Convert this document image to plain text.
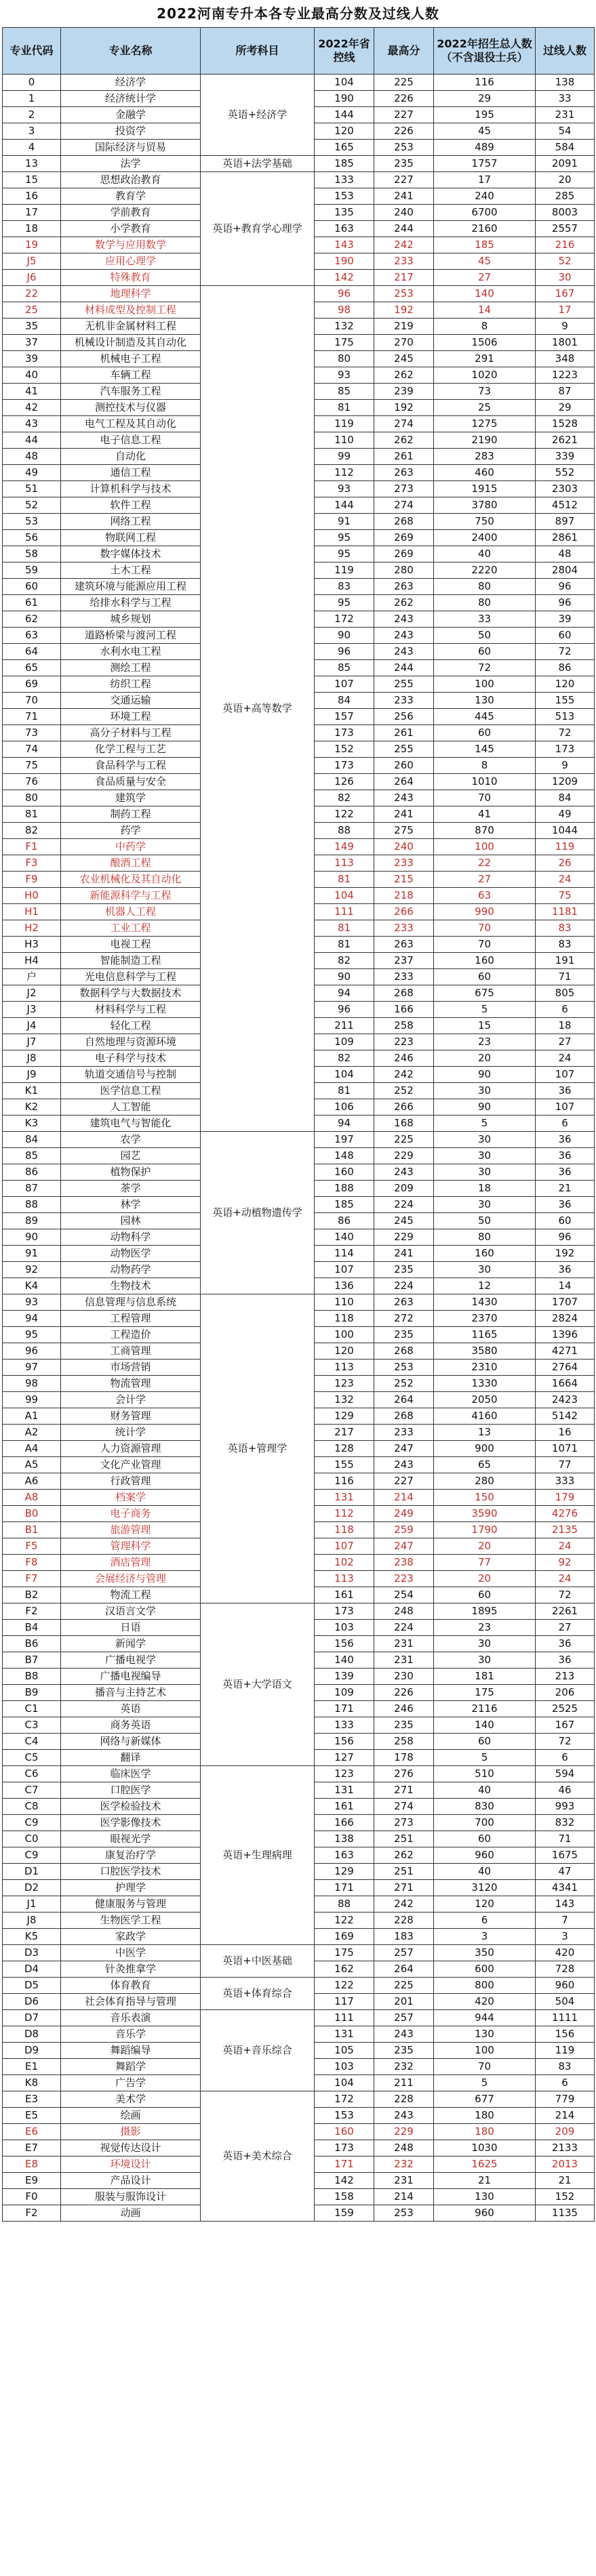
2022河南专升本各专业最高分数及过线人数
专业代码	专业名称	所考科目	2022年省控线	最高分	2022年招生总人数（不含退役士兵）	过线人数
0	经济学	英语+经济学	104	225	116	138
1	经济统计学		190	226	29	33
2	金融学		144	227	195	231
3	投资学		120	226	45	54
4	国际经济与贸易		165	253	489	584
13	法学	英语+法学基础	185	235	1757	2091
15	思想政治教育	英语+教育学心理学	133	227	17	20
16	教育学		153	241	240	285
17	学前教育		135	240	6700	8003
18	小学教育		163	244	2160	2557
19	数学与应用数学		143	242	185	216
J5	应用心理学		190	233	45	52
J6	特殊教育		142	217	27	30
22	地理科学	英语+高等数学	96	253	140	167
25	材料成型及控制工程		98	192	14	17
35	无机非金属材料工程		132	219	8	9
37	机械设计制造及其自动化		175	270	1506	1801
39	机械电子工程		80	245	291	348
40	车辆工程		93	262	1020	1223
41	汽车服务工程		85	239	73	87
42	测控技术与仪器		81	192	25	29
43	电气工程及其自动化		119	274	1275	1528
44	电子信息工程		110	262	2190	2621
48	自动化		99	261	283	339
49	通信工程		112	263	460	552
51	计算机科学与技术		93	273	1915	2303
52	软件工程		144	274	3780	4512
53	网络工程		91	268	750	897
56	物联网工程		95	269	2400	2861
58	数字媒体技术		95	269	40	48
59	土木工程		119	280	2220	2804
60	建筑环境与能源应用工程		83	263	80	96
61	给排水科学与工程		95	262	80	96
62	城乡规划		172	243	33	39
63	道路桥梁与渡河工程		90	243	50	60
64	水利水电工程		96	243	60	72
65	测绘工程		85	244	72	86
69	纺织工程		107	255	100	120
70	交通运输		84	233	130	155
71	环境工程		157	256	445	513
73	高分子材料与工程		173	261	60	72
74	化学工程与工艺		152	255	145	173
75	食品科学与工程		173	260	8	9
76	食品质量与安全		126	264	1010	1209
80	建筑学		82	243	70	84
81	制药工程		122	241	41	49
82	药学		88	275	870	1044
F1	中药学		149	240	100	119
F3	酿酒工程		113	233	22	26
F9	农业机械化及其自动化		81	215	27	24
H0	新能源科学与工程		104	218	63	75
H1	机器人工程		111	266	990	1181
H2	工业工程		81	233	70	83
H3	电视工程		81	263	70	83
H4	智能制造工程		82	237	160	191
户	光电信息科学与工程		90	233	60	71
J2	数据科学与大数据技术		94	268	675	805
J3	材料科学与工程		96	166	5	6
J4	轻化工程		211	258	15	18
J7	自然地理与资源环境		109	223	23	27
J8	电子科学与技术		82	246	20	24
J9	轨道交通信号与控制		104	242	90	107
K1	医学信息工程		81	252	30	36
K2	人工智能		106	266	90	107
K3	建筑电气与智能化		94	168	5	6
84	农学	英语+动植物遗传学	197	225	30	36
85	园艺		148	229	30	36
86	植物保护		160	243	30	36
87	茶学		188	209	18	21
88	林学		185	224	30	36
89	园林		86	245	50	60
90	动物科学		140	229	80	96
91	动物医学		114	241	160	192
92	动物药学		107	235	30	36
K4	生物技术		136	224	12	14
93	信息管理与信息系统	英语+管理学	110	263	1430	1707
94	工程管理		118	272	2370	2824
95	工程造价		100	235	1165	1396
96	工商管理		120	268	3580	4271
97	市场营销		113	253	2310	2764
98	物流管理		123	252	1330	1664
99	会计学		132	264	2050	2423
A1	财务管理		129	268	4160	5142
A2	统计学		217	233	13	16
A4	人力资源管理		128	247	900	1071
A5	文化产业管理		155	243	65	77
A6	行政管理		116	227	280	333
A8	档案学		131	214	150	179
B0	电子商务		112	249	3590	4276
B1	旅游管理		118	259	1790	2135
F5	管理科学		107	247	20	24
F8	酒店管理		102	238	77	92
F7	会展经济与管理		113	223	20	24
B2	物流工程		161	254	60	72
F2	汉语言文学	英语+大学语文	173	248	1895	2261
B4	日语		103	224	23	27
B6	新闻学		156	231	30	36
B7	广播电视学		140	231	30	36
B8	广播电视编导		139	230	181	213
B9	播音与主持艺术		109	226	175	206
C1	英语		171	246	2116	2525
C3	商务英语		133	235	140	167
C4	网络与新媒体		156	258	60	72
C5	翻译		127	178	5	6
C6	临床医学	英语+生理病理	123	276	510	594
C7	口腔医学		131	271	40	46
C8	医学检验技术		161	274	830	993
C9	医学影像技术		166	273	700	832
C0	眼视光学		138	251	60	71
C9	康复治疗学		163	262	960	1675
D1	口腔医学技术		129	251	40	47
D2	护理学		171	271	3120	4341
J1	健康服务与管理		88	242	120	143
J8	生物医学工程		122	228	6	7
K5	家政学		169	183	3	3
D3	中医学	英语+中医基础	175	257	350	420
D4	针灸推拿学		162	264	600	728
D5	体育教育	英语+体育综合	122	225	800	960
D6	社会体育指导与管理		117	201	420	504
D7	音乐表演	英语+音乐综合	111	257	944	1111
D8	音乐学		131	243	130	156
D9	舞蹈编导		105	235	100	119
E1	舞蹈学		103	232	70	83
K8	广告学		104	211	5	6
E3	美术学	英语+美术综合	172	228	677	779
E5	绘画		153	243	180	214
E6	摄影		160	229	180	209
E7	视觉传达设计		173	248	1030	2133
E8	环境设计		171	232	1625	2013
E9	产品设计		142	231	21	21
F0	服装与服饰设计		158	214	130	152
F2	动画		159	253	960	1135
